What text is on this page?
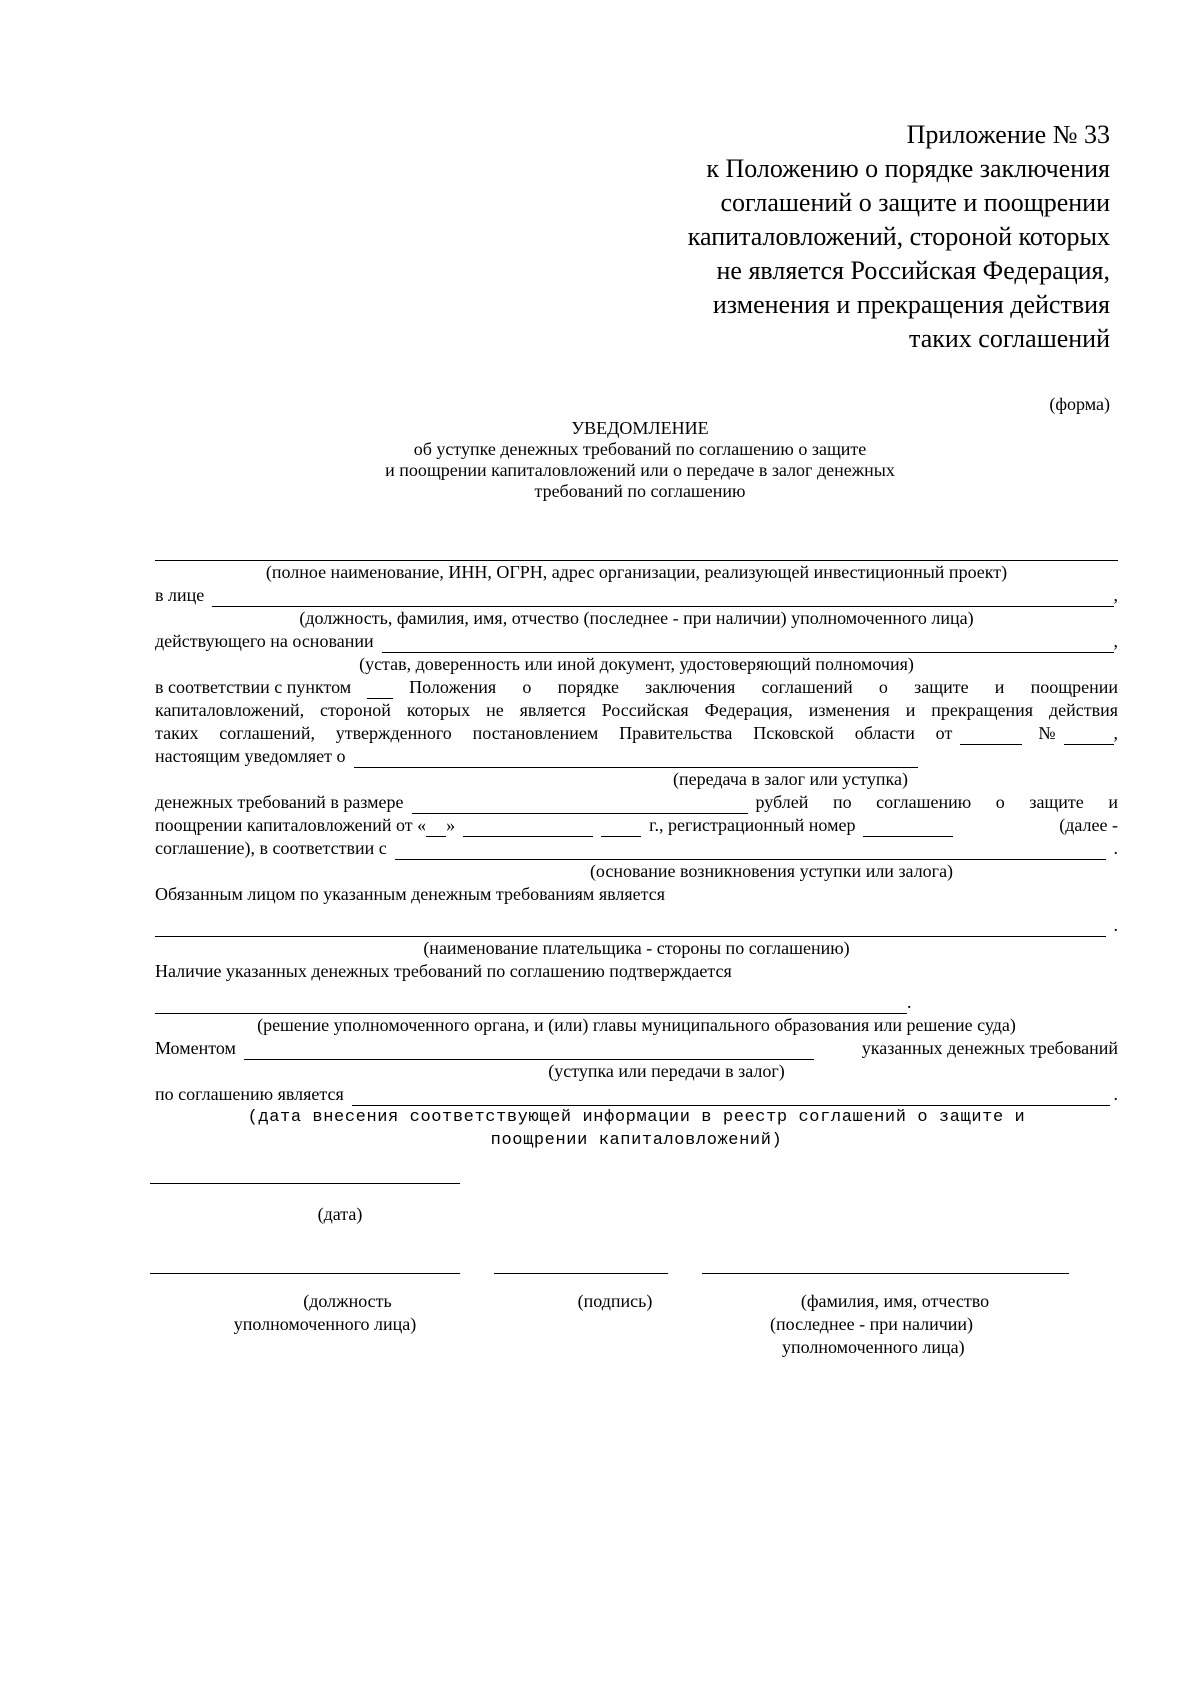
Приложение № 33
к Положению о порядке заключения
соглашений о защите и поощрении
капиталовложений, стороной которых
не является Российская Федерация,
изменения и прекращения действия
таких соглашений
(форма)
УВЕДОМЛЕНИЕ
об уступке денежных требований по соглашению о защите
и поощрении капиталовложений или о передаче в залог денежных
требований по соглашению
(полное наименование, ИНН, ОГРН, адрес организации, реализующей инвестиционный проект)
в лице	,
(должность, фамилия, имя, отчество (последнее - при наличии) уполномоченного лица)
действующего на основании	,
(устав, доверенность или иной документ, удостоверяющий полномочия)
в соответствии с пунктом	Положения о порядке заключения соглашений о защите и поощрении
капиталовложений, стороной которых не является Российская Федерация, изменения и прекращения действия
таких соглашений, утвержденного постановлением Правительства Псковской области от	№	,
настоящим уведомляет о
(передача в залог или уступка)
денежных требований в размере	рублей по соглашению о защите и
поощрении капиталовложений от « »	г., регистрационный номер	(далее -
соглашение), в соответствии с	.
(основание возникновения уступки или залога)
Обязанным лицом по указанным денежным требованиям является
.
(наименование плательщика - стороны по соглашению)
Наличие указанных денежных требований по соглашению подтверждается
.
(решение уполномоченного органа, и (или) главы муниципального образования или решение суда)
Моментом	указанных денежных требований
(уступка или передачи в залог)
по соглашению является	.
(дата внесения соответствующей информации в реестр соглашений о защите и
поощрении капиталовложений)
(дата)
(должность
уполномоченного лица)
(подпись)	(фамилия, имя, отчество
(последнее - при наличии)
уполномоченного лица)
